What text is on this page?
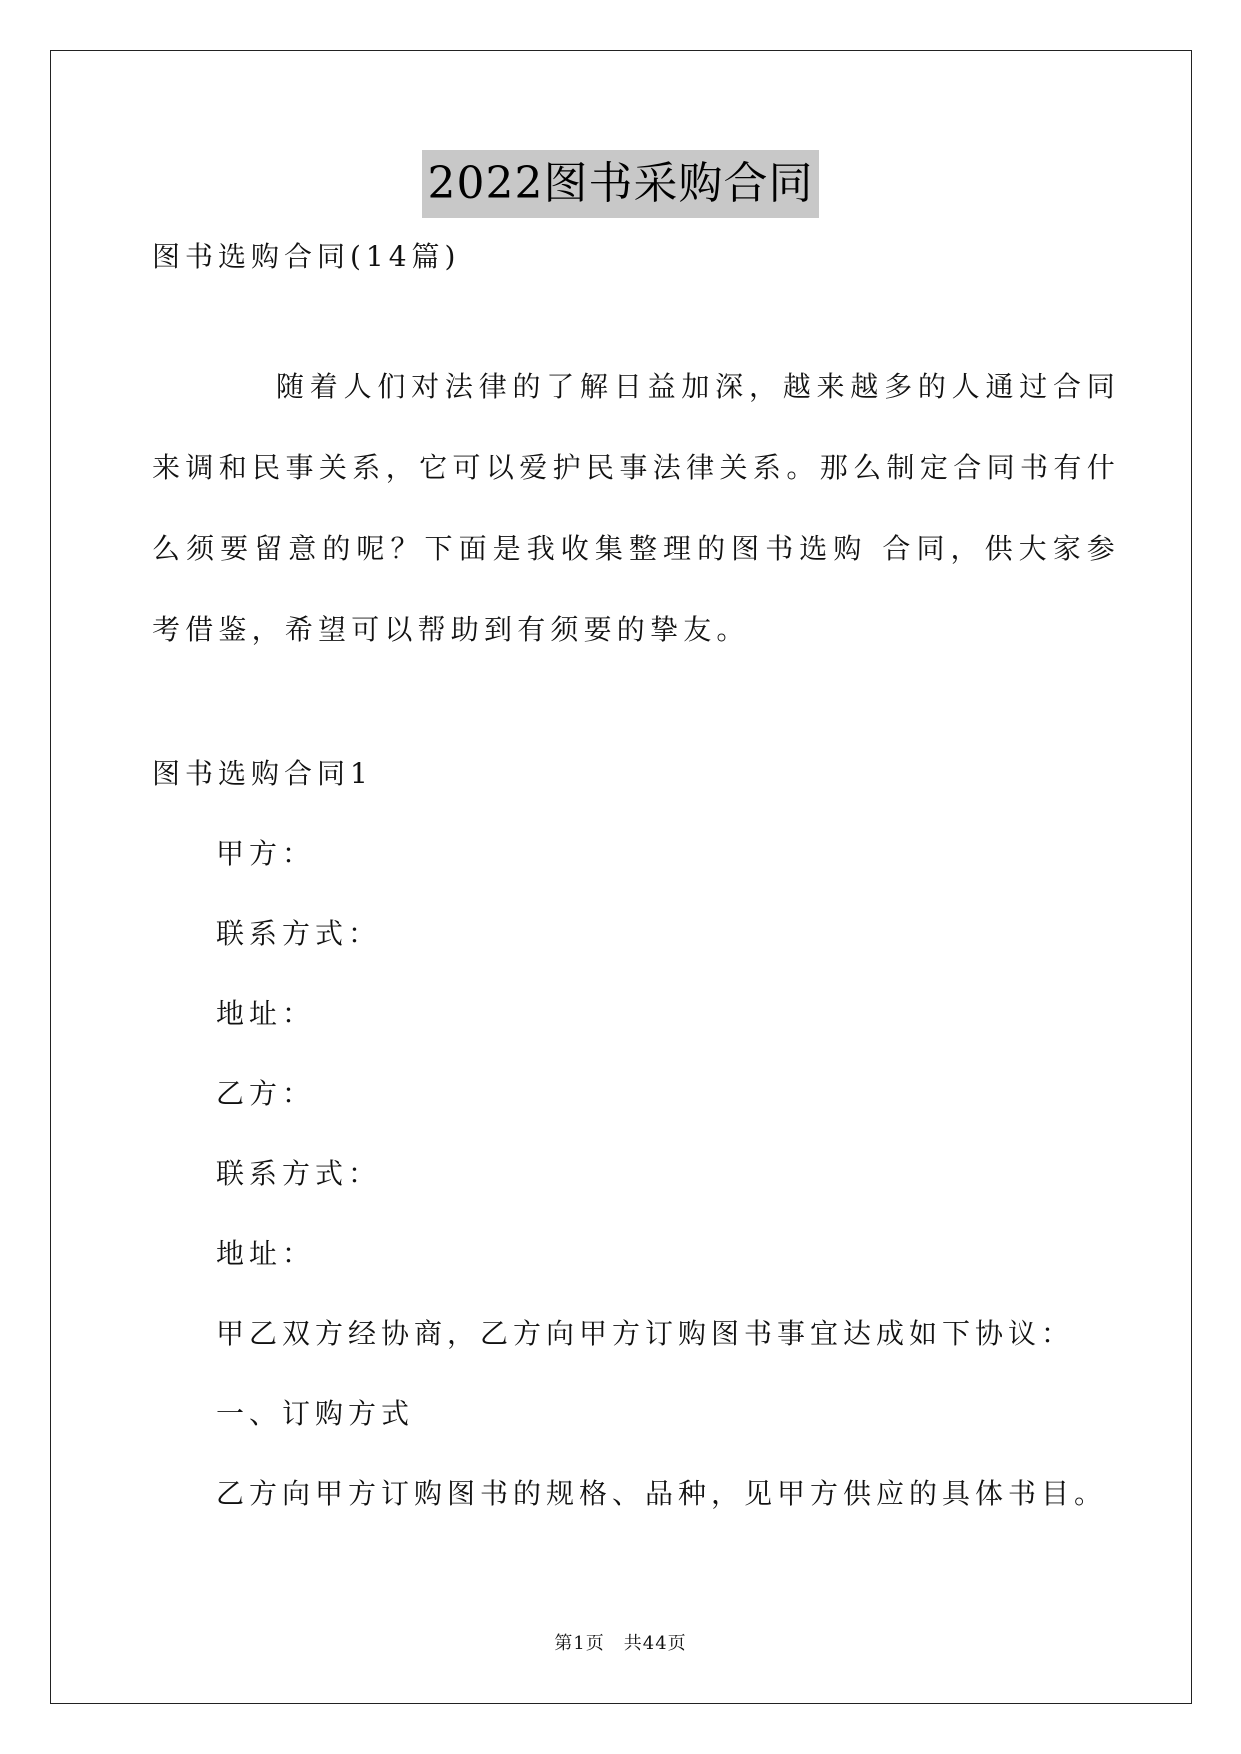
2022图书采购合同
图书选购合同(14篇)
随着人们对法律的了解日益加深，越来越多的人通过合同来调和民事关系，它可以爱护民事法律关系。那么制定合同书有什么须要留意的呢？下面是我收集整理的图书选购 合同，供大家参考借鉴，希望可以帮助到有须要的挚友。
图书选购合同1
甲方：
联系方式：
地址：
乙方：
联系方式：
地址：
甲乙双方经协商，乙方向甲方订购图书事宜达成如下协议：
一、订购方式
乙方向甲方订购图书的规格、品种，见甲方供应的具体书目。
第1页　共44页
